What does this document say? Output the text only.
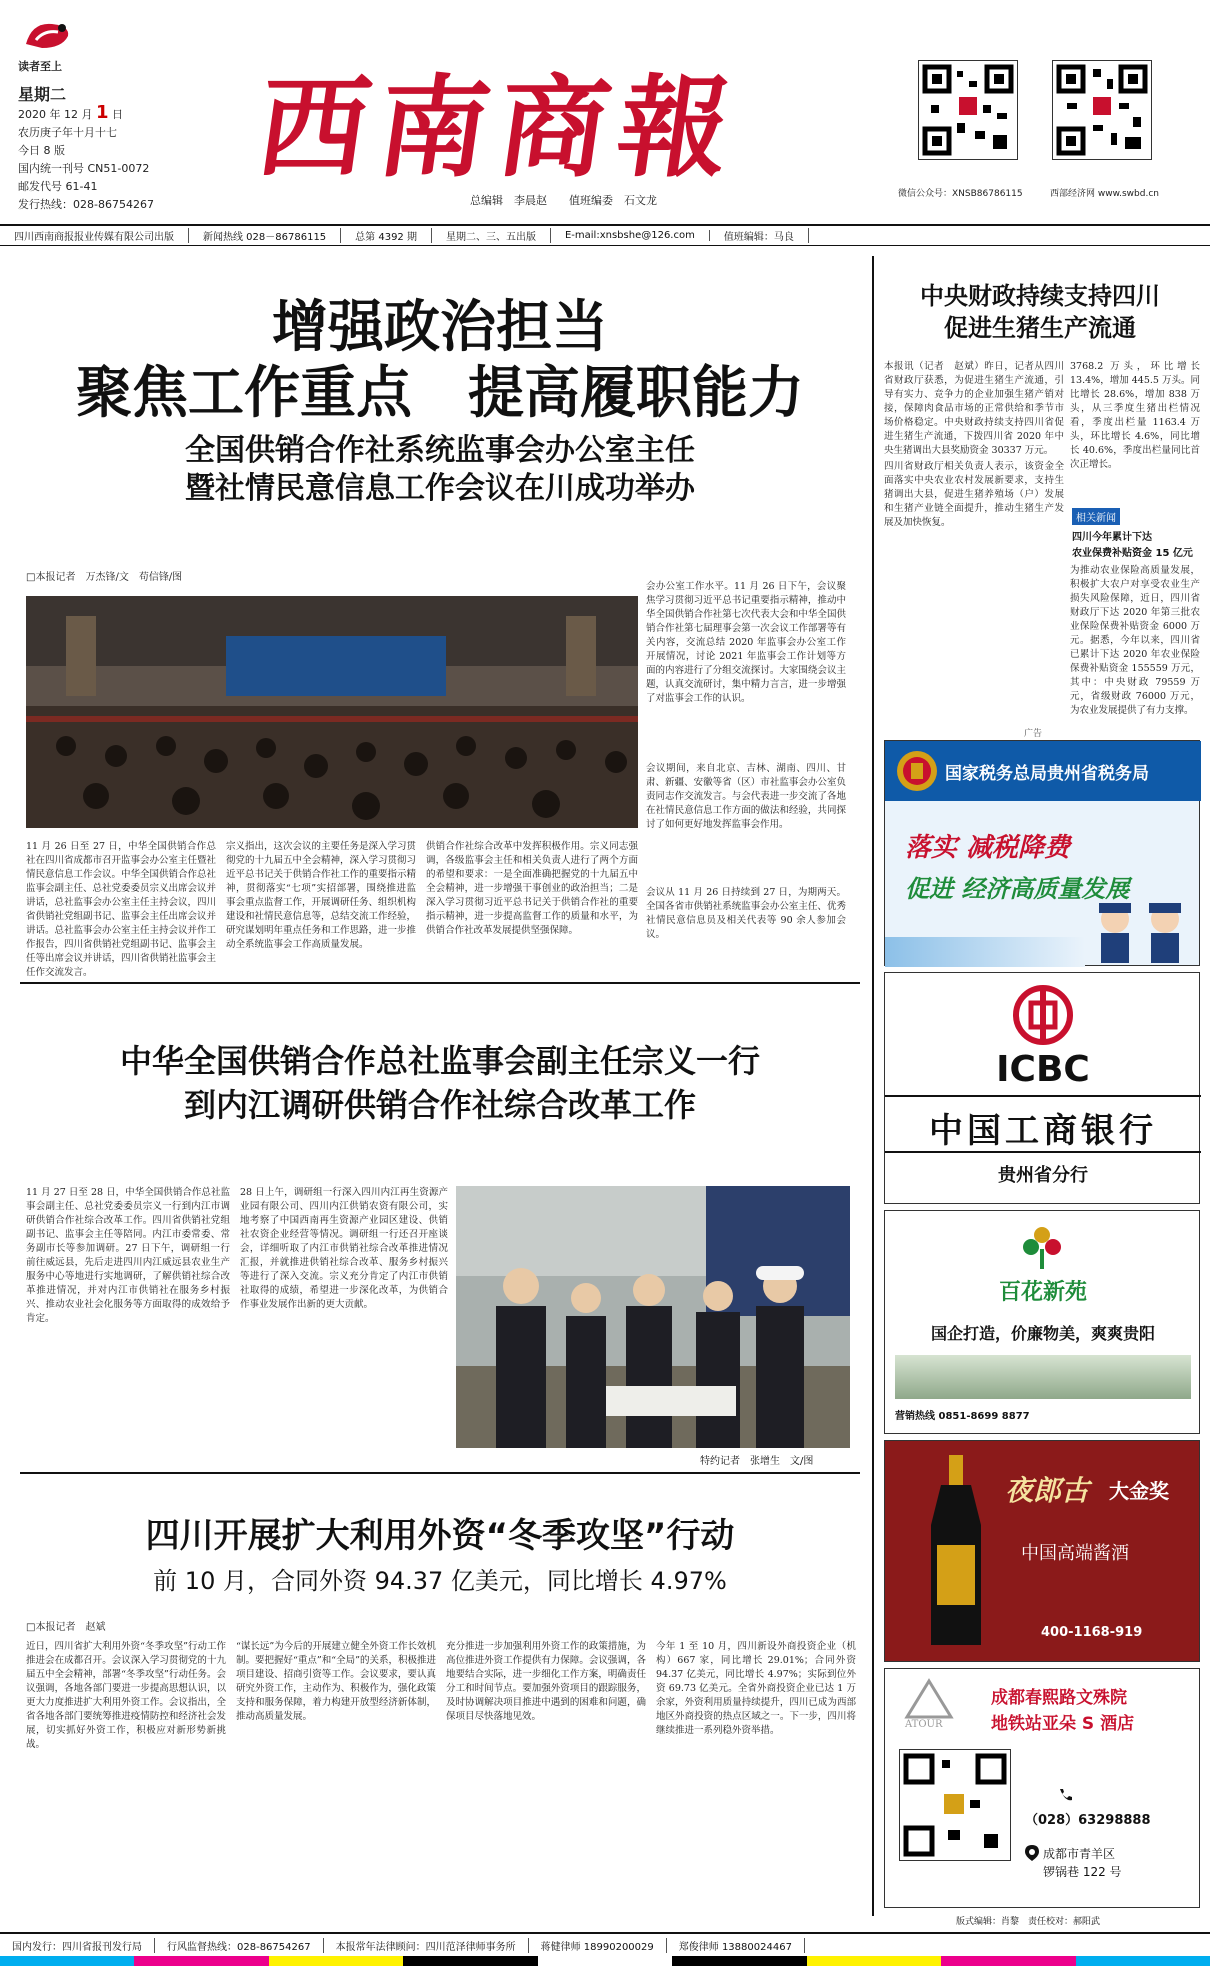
读者至上
星期二
2020 年 12 月 1 日
农历庚子年十月十七
今日 8 版
国内统一刊号 CN51-0072
邮发代号 61-41
发行热线：028-86754267
西南商報
总编辑　李晨赵　　值班编委　石文龙	微信公众号：XNSB86786115	西部经济网 www.swbd.cn
四川西南商报报业传媒有限公司出版	新闻热线 028－86786115	总第 4392 期	星期二、三、五出版	E-mail:xnsbshe@126.com	值班编辑：马良
增强政治担当
聚焦工作重点　提高履职能力
全国供销合作社系统监事会办公室主任
暨社情民意信息工作会议在川成功举办
□本报记者　万杰锋/文　苟信锋/图
11 月 26 日至 27 日，中华全国供销合作总社在四川省成都市召开监事会办公室主任暨社情民意信息工作会议。中华全国供销合作总社监事会副主任、总社党委委员宗义出席会议并讲话，总社监事会办公室主任主持会议，四川省供销社党组副书记、监事会主任出席会议并讲话。总社监事会办公室主任主持会议并作工作报告，四川省供销社党组副书记、监事会主任等出席会议并讲话，四川省供销社监事会主任作交流发言。
宗义指出，这次会议的主要任务是深入学习贯彻党的十九届五中全会精神，深入学习贯彻习近平总书记关于供销合作社工作的重要指示精神，贯彻落实“七项”实招部署，围绕推进监事会重点监督工作，开展调研任务、组织机构建设和社情民意信息等，总结交流工作经验，研究谋划明年重点任务和工作思路，进一步推动全系统监事会工作高质量发展。
供销合作社综合改革中发挥积极作用。宗义同志强调，各级监事会主任和相关负责人进行了两个方面的希望和要求：一是全面准确把握党的十九届五中全会精神，进一步增强干事创业的政治担当；二是深入学习贯彻习近平总书记关于供销合作社的重要指示精神，进一步提高监督工作的质量和水平，为供销合作社改革发展提供坚强保障。
会办公室工作水平。11 月 26 日下午，会议聚焦学习贯彻习近平总书记重要指示精神，推动中华全国供销合作社第七次代表大会和中华全国供销合作社第七届理事会第一次会议工作部署等有关内容，交流总结 2020 年监事会办公室工作开展情况，讨论 2021 年监事会工作计划等方面的内容进行了分组交流探讨。大家围绕会议主题，认真交流研讨，集中精力言言，进一步增强了对监事会工作的认识。
会议期间，来自北京、吉林、湖南、四川、甘肃、新疆、安徽等省（区）市社监事会办公室负责同志作交流发言。与会代表进一步交流了各地在社情民意信息工作方面的做法和经验，共同探讨了如何更好地发挥监事会作用。
会议从 11 月 26 日持续到 27 日，为期两天。全国各省市供销社系统监事会办公室主任、优秀社情民意信息员及相关代表等 90 余人参加会议。
中央财政持续支持四川
促进生猪生产流通
本报讯（记者　赵斌）昨日，记者从四川省财政厅获悉，为促进生猪生产流通，引导有实力、竞争力的企业加强生猪产销对接，保障肉食品市场的正常供给和季节市场价格稳定。中央财政持续支持四川省促进生猪生产流通，下拨四川省 2020 年中央生猪调出大县奖励资金 30337 万元。
四川省财政厅相关负责人表示，该资金全面落实中央农业农村发展新要求，支持生猪调出大县，促进生猪养殖场（户）发展和生猪产业链全面提升，推动生猪生产发展及加快恢复。
3768.2 万头，环比增长 13.4%，增加 445.5 万头。同比增长 28.6%，增加 838 万头，从三季度生猪出栏情况看，季度出栏量 1163.4 万头，环比增长 4.6%，同比增长 40.6%，季度出栏量同比首次正增长。
相关新闻
四川今年累计下达
农业保费补贴资金 15 亿元
为推动农业保险高质量发展，积极扩大农户对享受农业生产损失风险保障，近日，四川省财政厅下达 2020 年第三批农业保险保费补贴资金 6000 万元。据悉，今年以来，四川省已累计下达 2020 年农业保险保费补贴资金 155559 万元，其中：中央财政 79559 万元，省级财政 76000 万元，为农业发展提供了有力支撑。
广告
国家税务总局贵州省税务局
落实 减税降费
促进 经济高质量发展
ICBC
中国工商银行
贵州省分行
百花新苑
国企打造，价廉物美，爽爽贵阳
营销热线 0851-8699 8877
夜郎古 大金奖
中国高端酱酒
400-1168-919
ATOUR
成都春熙路文殊院
地铁站亚朵 S 酒店
（028）63298888
成都市青羊区
锣锅巷 122 号
版式编辑：肖黎　责任校对：郝阳武
中华全国供销合作总社监事会副主任宗义一行
到内江调研供销合作社综合改革工作
11 月 27 日至 28 日，中华全国供销合作总社监事会副主任、总社党委委员宗义一行到内江市调研供销合作社综合改革工作。四川省供销社党组副书记、监事会主任等陪同。内江市委常委、常务副市长等参加调研。27 日下午，调研组一行前往威远县，先后走进四川内江威远县农业生产服务中心等地进行实地调研，了解供销社综合改革推进情况，并对内江市供销社在服务乡村振兴、推动农业社会化服务等方面取得的成效给予肯定。
28 日上午，调研组一行深入四川内江再生资源产业园有限公司、四川内江供销农资有限公司，实地考察了中国西南再生资源产业园区建设、供销社农资企业经营等情况。调研组一行还召开座谈会，详细听取了内江市供销社综合改革推进情况汇报，并就推进供销社综合改革、服务乡村振兴等进行了深入交流。宗义充分肯定了内江市供销社取得的成绩，希望进一步深化改革，为供销合作事业发展作出新的更大贡献。
特约记者　张增生　文/图
四川开展扩大利用外资“冬季攻坚”行动
前 10 月，合同外资 94.37 亿美元，同比增长 4.97%
□本报记者　赵斌
近日，四川省扩大利用外资“冬季攻坚”行动工作推进会在成都召开。会议深入学习贯彻党的十九届五中全会精神，部署“冬季攻坚”行动任务。会议强调，各地各部门要进一步提高思想认识，以更大力度推进扩大利用外资工作。会议指出，全省各地各部门要统筹推进疫情防控和经济社会发展，切实抓好外资工作，积极应对新形势新挑战。
“谋长远”为今后的开展建立健全外资工作长效机制。要把握好“重点”和“全局”的关系，积极推进项目建设、招商引资等工作。会议要求，要认真研究外资工作，主动作为、积极作为，强化政策支持和服务保障，着力构建开放型经济新体制，推动高质量发展。
充分推进一步加强利用外资工作的政策措施，为高位推进外资工作提供有力保障。会议强调，各地要结合实际，进一步细化工作方案，明确责任分工和时间节点。要加强外资项目的跟踪服务，及时协调解决项目推进中遇到的困难和问题，确保项目尽快落地见效。
今年 1 至 10 月，四川新设外商投资企业（机构）667 家，同比增长 29.01%；合同外资 94.37 亿美元，同比增长 4.97%；实际到位外资 69.73 亿美元。全省外商投资企业已达 1 万余家，外资利用质量持续提升，四川已成为西部地区外商投资的热点区域之一。下一步，四川将继续推进一系列稳外资举措。
国内发行：四川省报刊发行局	行风监督热线：028-86754267	本报常年法律顾问：四川范泽律师事务所	蒋健律师 18990200029	郑俊律师 13880024467
